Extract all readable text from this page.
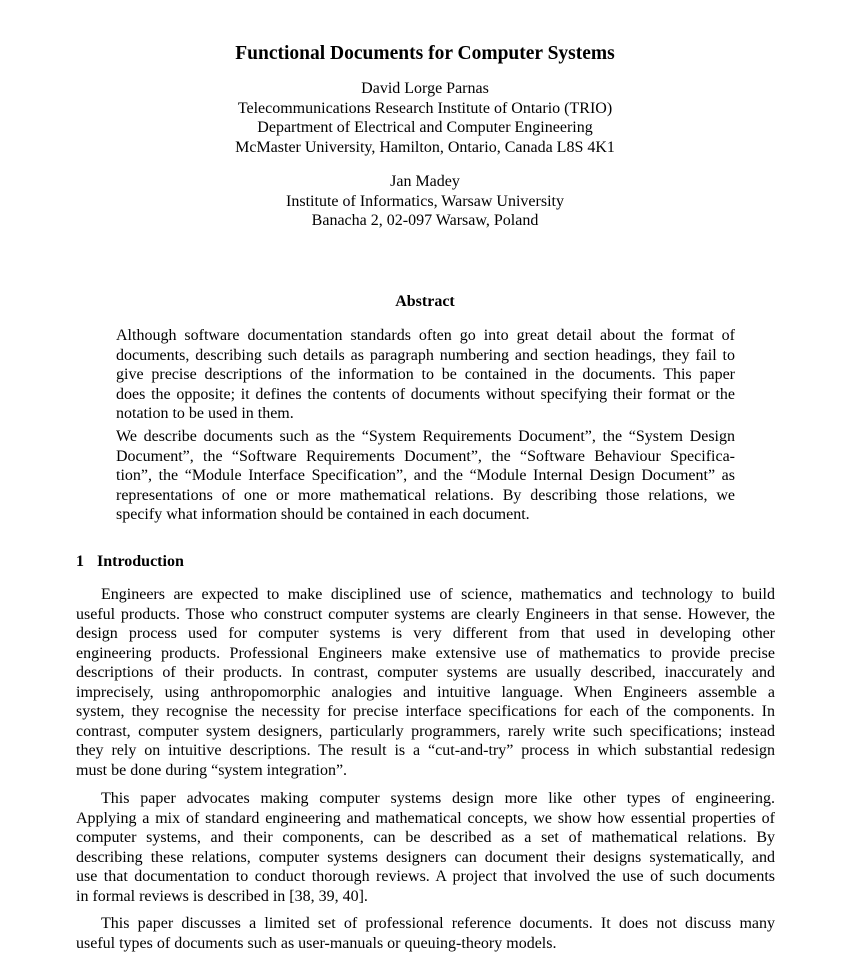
Functional Documents for Computer Systems
David Lorge Parnas
Telecommunications Research Institute of Ontario (TRIO)
Department of Electrical and Computer Engineering
McMaster University, Hamilton, Ontario, Canada L8S 4K1
Jan Madey
Institute of Informatics, Warsaw University
Banacha 2, 02-097 Warsaw, Poland
Abstract
Although software documentation standards often go into great detail about the format of
documents, describing such details as paragraph numbering and section headings, they fail to
give precise descriptions of the information to be contained in the documents. This paper
does the opposite; it defines the contents of documents without specifying their format or the
notation to be used in them.
We describe documents such as the “System Requirements Document”, the “System Design
Document”, the “Software Requirements Document”, the “Software Behaviour Specifica-
tion”, the “Module Interface Specification”, and the “Module Internal Design Document” as
representations of one or more mathematical relations. By describing those relations, we
specify what information should be contained in each document.
1 Introduction
Engineers are expected to make disciplined use of science, mathematics and technology to build
useful products. Those who construct computer systems are clearly Engineers in that sense. However, the
design process used for computer systems is very different from that used in developing other
engineering products. Professional Engineers make extensive use of mathematics to provide precise
descriptions of their products. In contrast, computer systems are usually described, inaccurately and
imprecisely, using anthropomorphic analogies and intuitive language. When Engineers assemble a
system, they recognise the necessity for precise interface specifications for each of the components. In
contrast, computer system designers, particularly programmers, rarely write such specifications; instead
they rely on intuitive descriptions. The result is a “cut-and-try” process in which substantial redesign
must be done during “system integration”.
This paper advocates making computer systems design more like other types of engineering.
Applying a mix of standard engineering and mathematical concepts, we show how essential properties of
computer systems, and their components, can be described as a set of mathematical relations. By
describing these relations, computer systems designers can document their designs systematically, and
use that documentation to conduct thorough reviews. A project that involved the use of such documents
in formal reviews is described in [38, 39, 40].
This paper discusses a limited set of professional reference documents. It does not discuss many
useful types of documents such as user-manuals or queuing-theory models.
